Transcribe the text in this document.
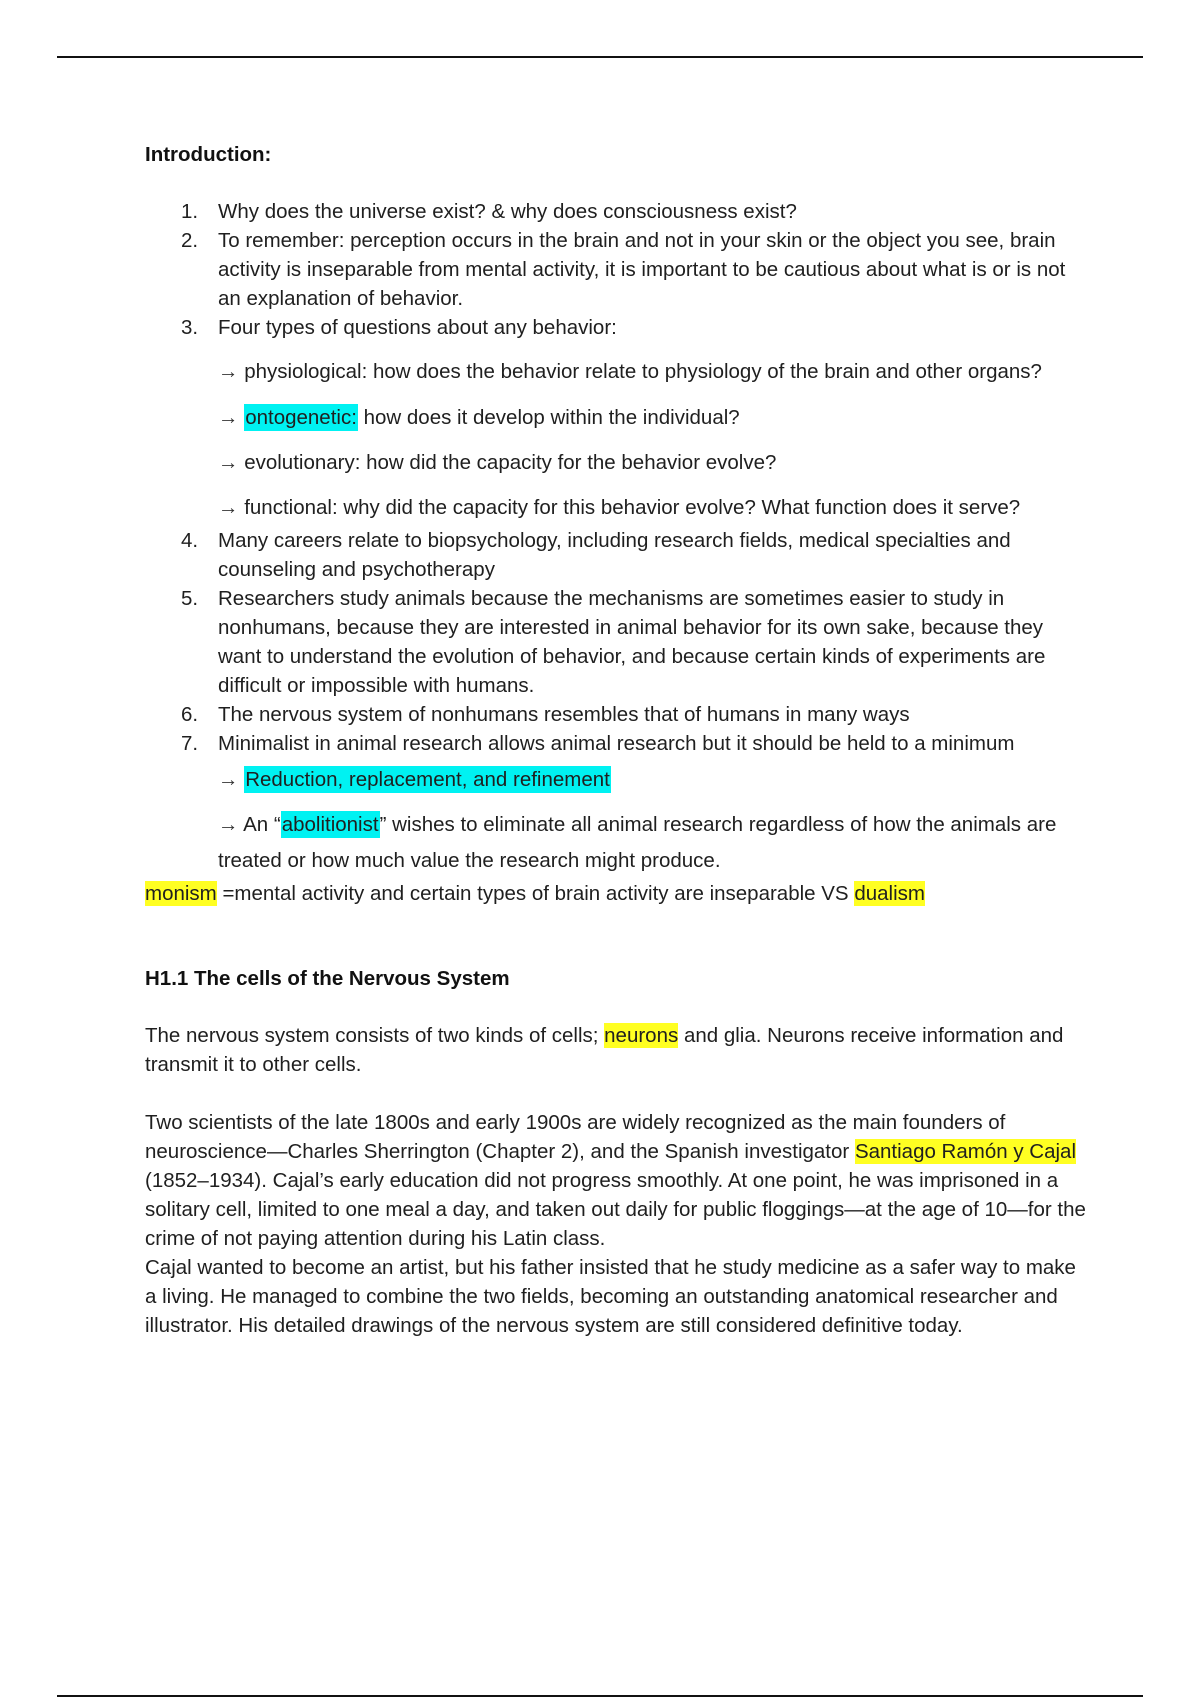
Introduction:

1. Why does the universe exist? & why does consciousness exist?
2. To remember: perception occurs in the brain and not in your skin or the object you see, brain activity is inseparable from mental activity, it is important to be cautious about what is or is not an explanation of behavior.
3. Four types of questions about any behavior:
→ physiological: how does the behavior relate to physiology of the brain and other organs?
→ ontogenetic: how does it develop within the individual?
→ evolutionary: how did the capacity for the behavior evolve?
→ functional: why did the capacity for this behavior evolve? What function does it serve?
4. Many careers relate to biopsychology, including research fields, medical specialties and counseling and psychotherapy
5. Researchers study animals because the mechanisms are sometimes easier to study in nonhumans, because they are interested in animal behavior for its own sake, because they want to understand the evolution of behavior, and because certain kinds of experiments are difficult or impossible with humans.
6. The nervous system of nonhumans resembles that of humans in many ways
7. Minimalist in animal research allows animal research but it should be held to a minimum
→ Reduction, replacement, and refinement
→ An “abolitionist” wishes to eliminate all animal research regardless of how the animals are treated or how much value the research might produce.

monism =mental activity and certain types of brain activity are inseparable VS dualism

H1.1 The cells of the Nervous System

The nervous system consists of two kinds of cells; neurons and glia. Neurons receive information and transmit it to other cells.

Two scientists of the late 1800s and early 1900s are widely recognized as the main founders of neuroscience—Charles Sherrington (Chapter 2), and the Spanish investigator Santiago Ramón y Cajal (1852–1934). Cajal’s early education did not progress smoothly. At one point, he was imprisoned in a solitary cell, limited to one meal a day, and taken out daily for public floggings—at the age of 10—for the crime of not paying attention during his Latin class.

Cajal wanted to become an artist, but his father insisted that he study medicine as a safer way to make a living. He managed to combine the two fields, becoming an outstanding anatomical researcher and illustrator. His detailed drawings of the nervous system are still considered definitive today.
